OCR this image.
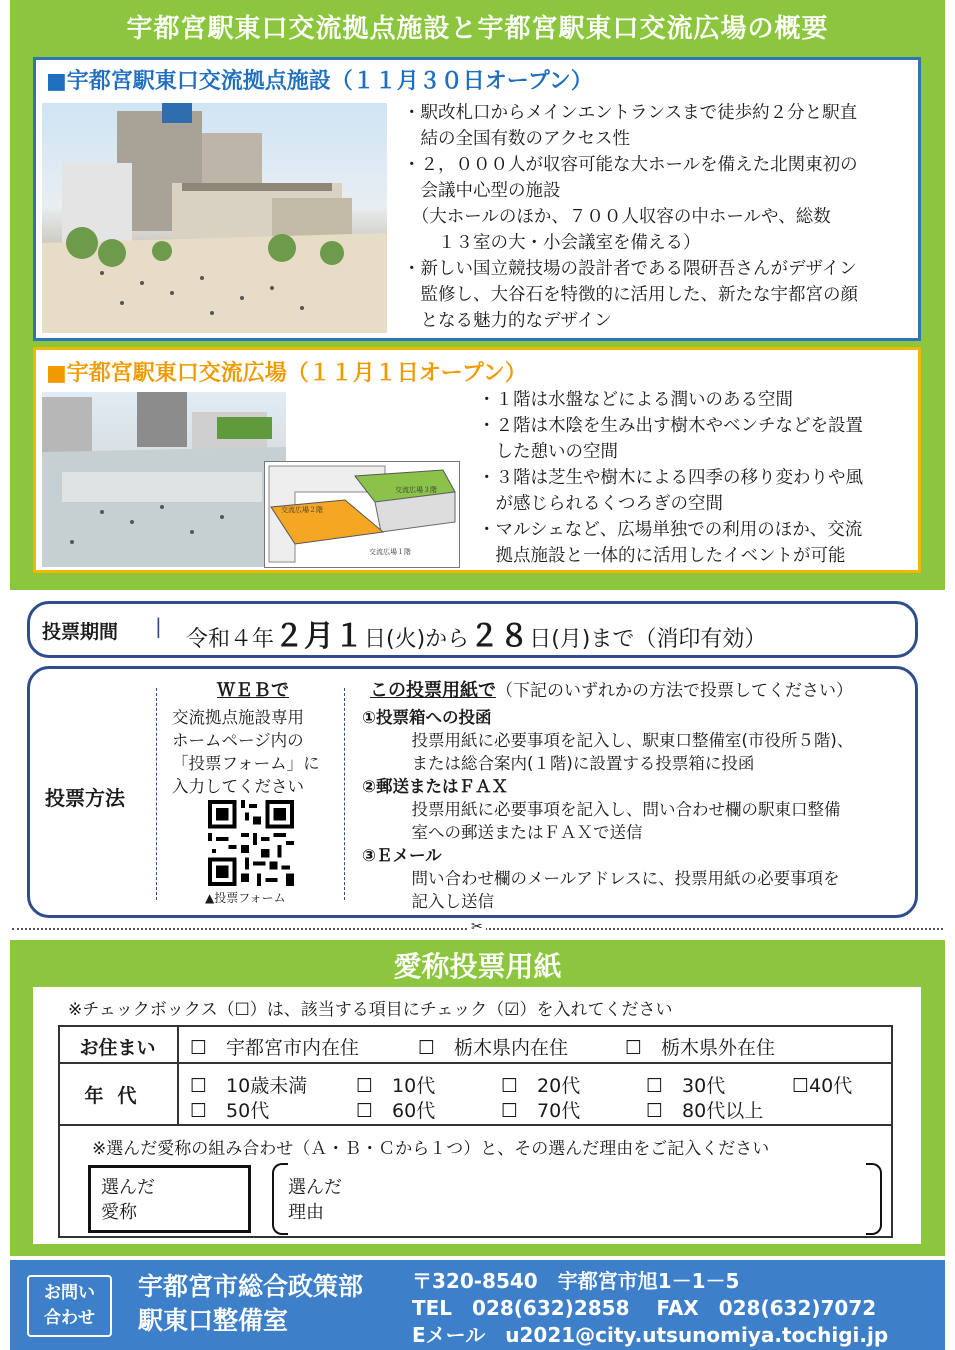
宇都宮駅東口交流拠点施設と宇都宮駅東口交流広場の概要
■宇都宮駅東口交流拠点施設（１１月３０日オープン）
・駅改札口からメインエントランスまで徒歩約２分と駅直
　結の全国有数のアクセス性
・２，０００人が収容可能な大ホールを備えた北関東初の
　会議中心型の施設
　（大ホールのほか、７００人収容の中ホールや、総数
　　１３室の大・小会議室を備える）
・新しい国立競技場の設計者である隈研吾さんがデザイン
　監修し、大谷石を特徴的に活用した、新たな宇都宮の顔
　となる魅力的なデザイン
■宇都宮駅東口交流広場（１１月１日オープン）
交流広場３階
交流広場２階
交流広場１階
・１階は水盤などによる潤いのある空間
・２階は木陰を生み出す樹木やベンチなどを設置
　した憩いの空間
・３階は芝生や樹木による四季の移り変わりや風
　が感じられるくつろぎの空間
・マルシェなど、広場単独での利用のほか、交流
　拠点施設と一体的に活用したイベントが可能
投票期間 |
令和４年２月１日(火)から２８日(月)まで（消印有効）
投票方法
ＷＥＢで
交流拠点施設専用
ホームページ内の
「投票フォーム」に
入力してください
▲投票フォーム
この投票用紙で（下記のいずれかの方法で投票してください）
①投票箱への投函
　　　投票用紙に必要事項を記入し、駅東口整備室(市役所５階)、
　　　または総合案内(１階)に設置する投票箱に投函
②郵送またはＦＡＸ
　　　投票用紙に必要事項を記入し、問い合わせ欄の駅東口整備
　　　室への郵送またはＦＡＸで送信
③Ｅメール
　　　問い合わせ欄のメールアドレスに、投票用紙の必要事項を
　　　記入し送信
✂
愛称投票用紙
※チェックボックス（☐）は、該当する項目にチェック（☑）を入れてください
お住まい	☐　宇都宮市内在住	☐　栃木県内在住	☐　栃木県外在住
年代	☐　10歳未満	☐　10代	☐　20代	☐　30代	☐40代
☐　50代	☐　60代	☐　70代	☐　80代以上
※選んだ愛称の組み合わせ（Ａ・Ｂ・Ｃから１つ）と、その選んだ理由をご記入ください
選んだ
愛称
選んだ
理由
お問い
合わせ
宇都宮市総合政策部
駅東口整備室
〒320-8540　宇都宮市旭1－1－5
TEL　028(632)2858　 FAX　028(632)7072
Eメール　u2021@city.utsunomiya.tochigi.jp
